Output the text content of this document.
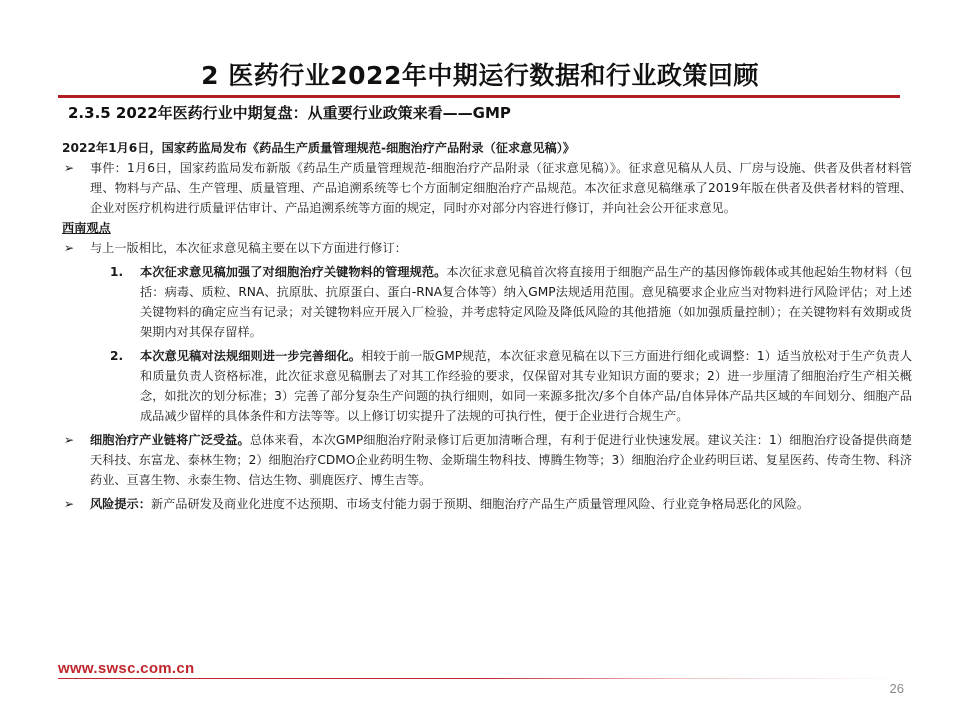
2 医药行业2022年中期运行数据和行业政策回顾
2.3.5 2022年医药行业中期复盘：从重要行业政策来看——GMP

2022年1月6日，国家药监局发布《药品生产质量管理规范-细胞治疗产品附录（征求意见稿）》

➢ 事件：1月6日，国家药监局发布新版《药品生产质量管理规范-细胞治疗产品附录（征求意见稿）》。征求意见稿从人员、厂房与设施、供者及供者材料管理、物料与产品、生产管理、质量管理、产品追溯系统等七个方面制定细胞治疗产品规范。本次征求意见稿继承了2019年版在供者及供者材料的管理、企业对医疗机构进行质量评估审计、产品追溯系统等方面的规定，同时亦对部分内容进行修订，并向社会公开征求意见。

西南观点

➢ 与上一版相比，本次征求意见稿主要在以下方面进行修订：

1. 本次征求意见稿加强了对细胞治疗关键物料的管理规范。本次征求意见稿首次将直接用于细胞产品生产的基因修饰载体或其他起始生物材料（包括：病毒、质粒、RNA、抗原肽、抗原蛋白、蛋白-RNA复合体等）纳入GMP法规适用范围。意见稿要求企业应当对物料进行风险评估；对上述关键物料的确定应当有记录；对关键物料应开展入厂检验，并考虑特定风险及降低风险的其他措施（如加强质量控制）；在关键物料有效期或货架期内对其保存留样。

2. 本次意见稿对法规细则进一步完善细化。相较于前一版GMP规范，本次征求意见稿在以下三方面进行细化或调整：1）适当放松对于生产负责人和质量负责人资格标准，此次征求意见稿删去了对其工作经验的要求，仅保留对其专业知识方面的要求；2）进一步厘清了细胞治疗生产相关概念，如批次的划分标准；3）完善了部分复杂生产问题的执行细则，如同一来源多批次/多个自体产品/自体异体产品共区域的车间划分、细胞产品成品减少留样的具体条件和方法等等。以上修订切实提升了法规的可执行性，便于企业进行合规生产。

➢ 细胞治疗产业链将广泛受益。总体来看，本次GMP细胞治疗附录修订后更加清晰合理，有利于促进行业快速发展。建议关注：1）细胞治疗设备提供商楚天科技、东富龙、泰林生物；2）细胞治疗CDMO企业药明生物、金斯瑞生物科技、博腾生物等；3）细胞治疗企业药明巨诺、复星医药、传奇生物、科济药业、亘喜生物、永泰生物、信达生物、驯鹿医疗、博生吉等。

➢ 风险提示：新产品研发及商业化进度不达预期、市场支付能力弱于预期、细胞治疗产品生产质量管理风险、行业竞争格局恶化的风险。

www.swsc.com.cn
26
